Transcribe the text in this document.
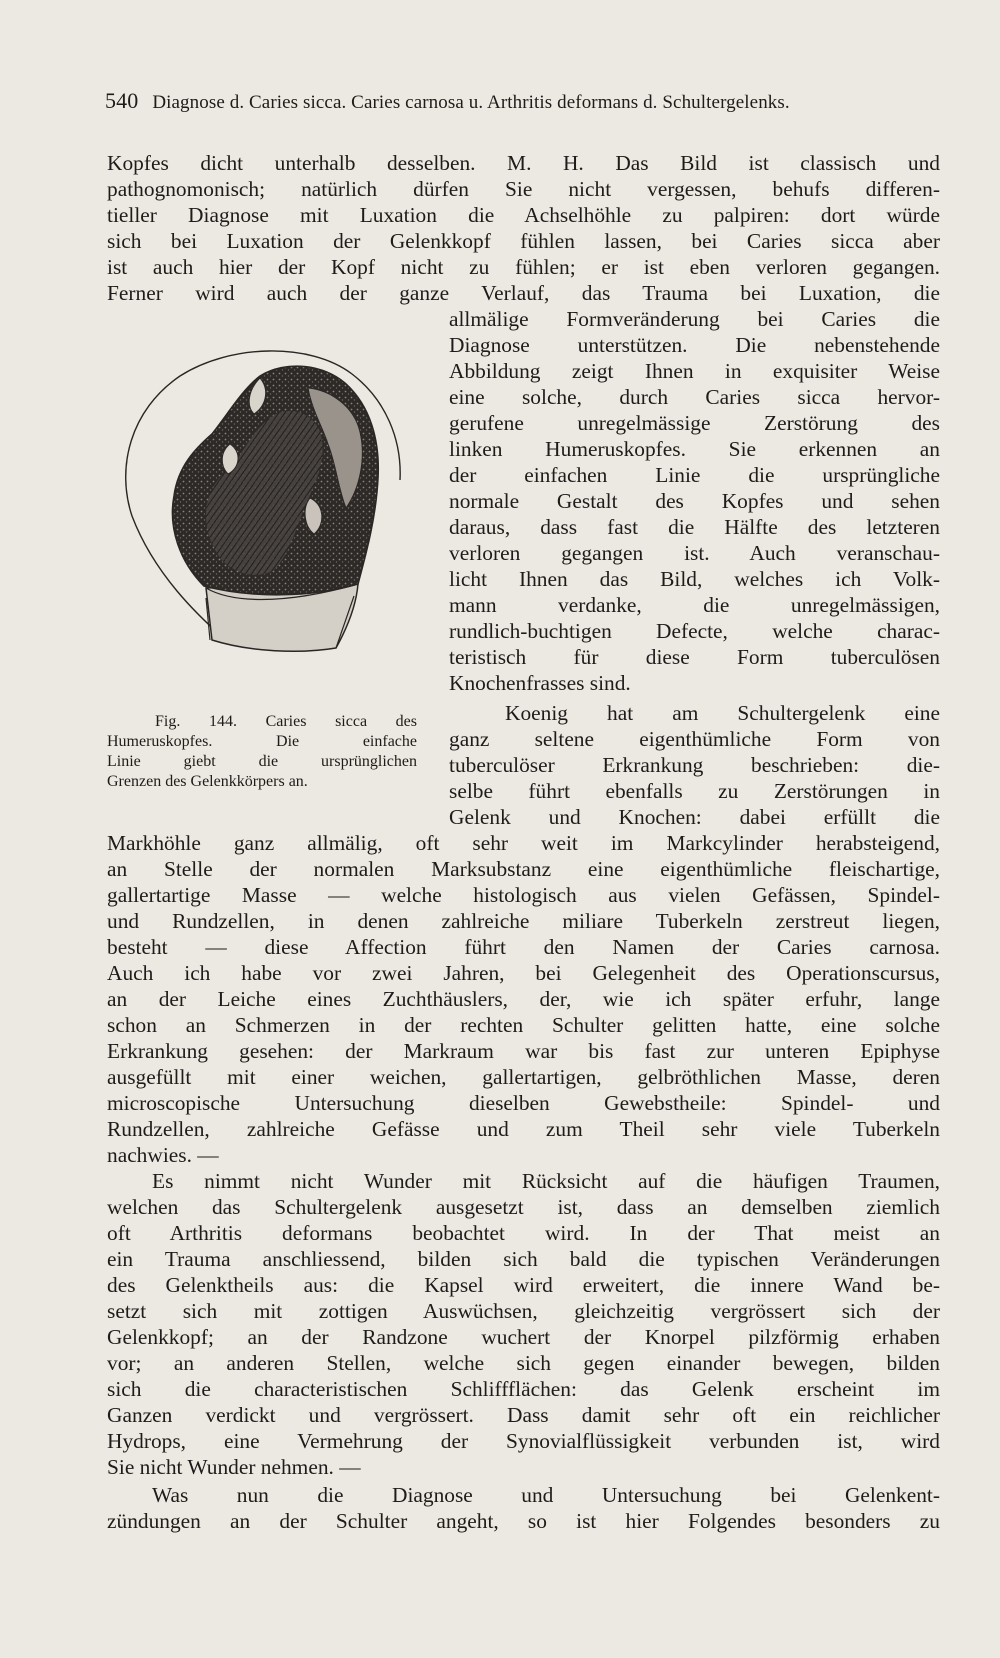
540 Diagnose d. Caries sicca. Caries carnosa u. Arthritis deformans d. Schultergelenks.
Kopfes dicht unterhalb desselben. M. H. Das Bild ist classisch und
pathognomonisch; natürlich dürfen Sie nicht vergessen, behufs differen-
tieller Diagnose mit Luxation die Achselhöhle zu palpiren: dort würde
sich bei Luxation der Gelenkkopf fühlen lassen, bei Caries sicca aber
ist auch hier der Kopf nicht zu fühlen; er ist eben verloren gegangen.
Ferner wird auch der ganze Verlauf, das Trauma bei Luxation, die
allmälige Formveränderung bei Caries die
Diagnose unterstützen. Die nebenstehende
Abbildung zeigt Ihnen in exquisiter Weise
eine solche, durch Caries sicca hervor-
gerufene unregelmässige Zerstörung des
linken Humeruskopfes. Sie erkennen an
der einfachen Linie die ursprüngliche
normale Gestalt des Kopfes und sehen
daraus, dass fast die Hälfte des letzteren
verloren gegangen ist. Auch veranschau-
licht Ihnen das Bild, welches ich Volk-
mann verdanke, die unregelmässigen,
rundlich-buchtigen Defecte, welche charac-
teristisch für diese Form tuberculösen
Knochenfrasses sind.
Koenig hat am Schultergelenk eine
ganz seltene eigenthümliche Form von
tuberculöser Erkrankung beschrieben: die-
selbe führt ebenfalls zu Zerstörungen in
Gelenk und Knochen: dabei erfüllt die
Markhöhle ganz allmälig, oft sehr weit im Markcylinder herabsteigend,
an Stelle der normalen Marksubstanz eine eigenthümliche fleischartige,
gallertartige Masse — welche histologisch aus vielen Gefässen, Spindel-
und Rundzellen, in denen zahlreiche miliare Tuberkeln zerstreut liegen,
besteht — diese Affection führt den Namen der Caries carnosa.
Auch ich habe vor zwei Jahren, bei Gelegenheit des Operationscursus,
an der Leiche eines Zuchthäuslers, der, wie ich später erfuhr, lange
schon an Schmerzen in der rechten Schulter gelitten hatte, eine solche
Erkrankung gesehen: der Markraum war bis fast zur unteren Epiphyse
ausgefüllt mit einer weichen, gallertartigen, gelbröthlichen Masse, deren
microscopische Untersuchung dieselben Gewebstheile: Spindel- und
Rundzellen, zahlreiche Gefässe und zum Theil sehr viele Tuberkeln
nachwies. —
Es nimmt nicht Wunder mit Rücksicht auf die häufigen Traumen,
welchen das Schultergelenk ausgesetzt ist, dass an demselben ziemlich
oft Arthritis deformans beobachtet wird. In der That meist an
ein Trauma anschliessend, bilden sich bald die typischen Veränderungen
des Gelenktheils aus: die Kapsel wird erweitert, die innere Wand be-
setzt sich mit zottigen Auswüchsen, gleichzeitig vergrössert sich der
Gelenkkopf; an der Randzone wuchert der Knorpel pilzförmig erhaben
vor; an anderen Stellen, welche sich gegen einander bewegen, bilden
sich die characteristischen Schliffflächen: das Gelenk erscheint im
Ganzen verdickt und vergrössert. Dass damit sehr oft ein reichlicher
Hydrops, eine Vermehrung der Synovialflüssigkeit verbunden ist, wird
Sie nicht Wunder nehmen. —
Was nun die Diagnose und Untersuchung bei Gelenkent-
zündungen an der Schulter angeht, so ist hier Folgendes besonders zu
Fig. 144. Caries sicca des
Humeruskopfes. Die einfache
Linie giebt die ursprünglichen
Grenzen des Gelenkkörpers an.
